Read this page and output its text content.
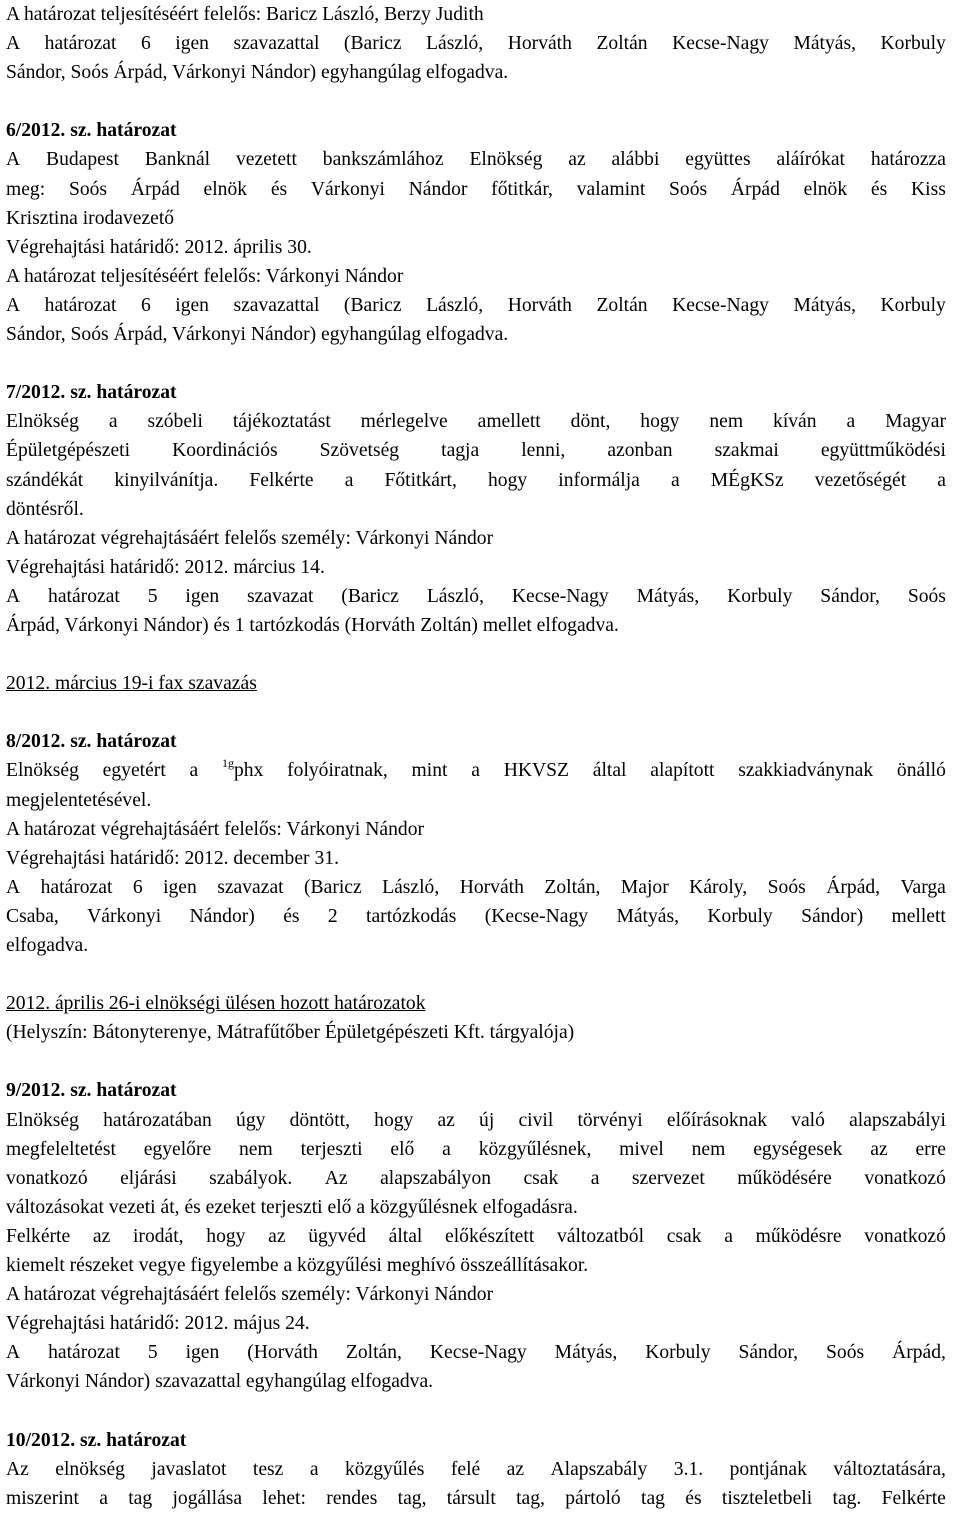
A határozat teljesítéséért felelős: Baricz László, Berzy Judith
A határozat 6 igen szavazattal (Baricz László, Horváth Zoltán Kecse-Nagy Mátyás, Korbuly
Sándor, Soós Árpád, Várkonyi Nándor) egyhangúlag elfogadva.
6/2012. sz. határozat
A Budapest Banknál vezetett bankszámlához Elnökség az alábbi együttes aláírókat határozza
meg: Soós Árpád elnök és Várkonyi Nándor főtitkár, valamint Soós Árpád elnök és Kiss
Krisztina irodavezető
Végrehajtási határidő: 2012. április 30.
A határozat teljesítéséért felelős: Várkonyi Nándor
A határozat 6 igen szavazattal (Baricz László, Horváth Zoltán Kecse-Nagy Mátyás, Korbuly
Sándor, Soós Árpád, Várkonyi Nándor) egyhangúlag elfogadva.
7/2012. sz. határozat
Elnökség a szóbeli tájékoztatást mérlegelve amellett dönt, hogy nem kíván a Magyar
Épületgépészeti Koordinációs Szövetség tagja lenni, azonban szakmai együttműködési
szándékát kinyilvánítja. Felkérte a Főtitkárt, hogy informálja a MÉgKSz vezetőségét a
döntésről.
A határozat végrehajtásáért felelős személy: Várkonyi Nándor
Végrehajtási határidő: 2012. március 14.
A határozat 5 igen szavazat (Baricz László, Kecse-Nagy Mátyás, Korbuly Sándor, Soós
Árpád, Várkonyi Nándor) és 1 tartózkodás (Horváth Zoltán) mellet elfogadva.
2012. március 19-i fax szavazás
8/2012. sz. határozat
Elnökség egyetért a $^{1g}$phx folyóiratnak, mint a HKVSZ által alapított szakkiadványnak önálló
megjelentetésével.
A határozat végrehajtásáért felelős: Várkonyi Nándor
Végrehajtási határidő: 2012. december 31.
A határozat 6 igen szavazat (Baricz László, Horváth Zoltán, Major Károly, Soós Árpád, Varga
Csaba, Várkonyi Nándor) és 2 tartózkodás (Kecse-Nagy Mátyás, Korbuly Sándor) mellett
elfogadva.
2012. április 26-i elnökségi ülésen hozott határozatok
(Helyszín: Bátonyterenye, Mátrafűtőber Épületgépészeti Kft. tárgyalója)
9/2012. sz. határozat
Elnökség határozatában úgy döntött, hogy az új civil törvényi előírásoknak való alapszabályi
megfeleltetést egyelőre nem terjeszti elő a közgyűlésnek, mivel nem egységesek az erre
vonatkozó eljárási szabályok. Az alapszabályon csak a szervezet működésére vonatkozó
változásokat vezeti át, és ezeket terjeszti elő a közgyűlésnek elfogadásra.
Felkérte az irodát, hogy az ügyvéd által előkészített változatból csak a működésre vonatkozó
kiemelt részeket vegye figyelembe a közgyűlési meghívó összeállításakor.
A határozat végrehajtásáért felelős személy: Várkonyi Nándor
Végrehajtási határidő: 2012. május 24.
A határozat 5 igen (Horváth Zoltán, Kecse-Nagy Mátyás, Korbuly Sándor, Soós Árpád,
Várkonyi Nándor) szavazattal egyhangúlag elfogadva.
10/2012. sz. határozat
Az elnökség javaslatot tesz a közgyűlés felé az Alapszabály 3.1. pontjának változtatására,
miszerint a tag jogállása lehet: rendes tag, társult tag, pártoló tag és tiszteletbeli tag. Felkérte
